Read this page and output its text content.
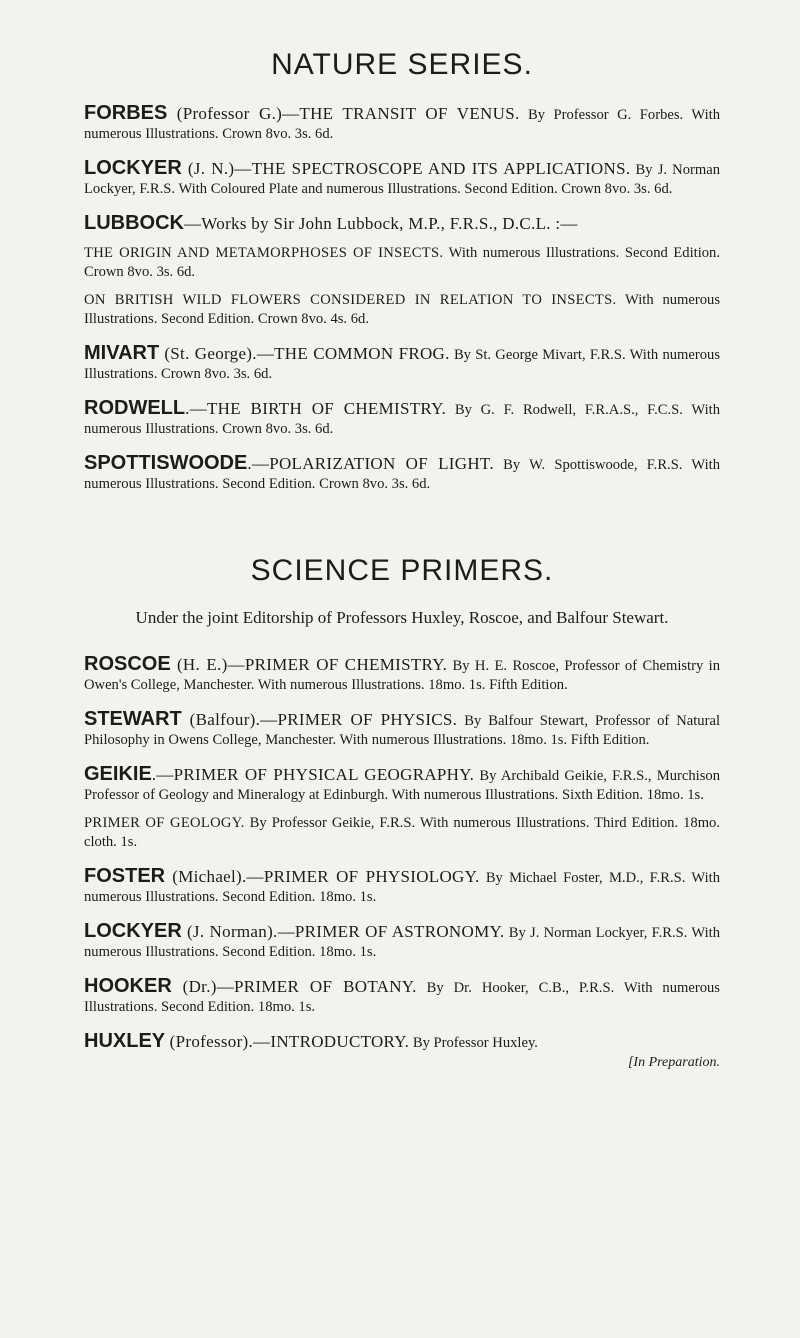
NATURE SERIES.

FORBES (Professor G.)—THE TRANSIT OF VENUS. By Professor G. Forbes. With numerous Illustrations. Crown 8vo. 3s. 6d.

LOCKYER (J. N.)—THE SPECTROSCOPE AND ITS APPLICATIONS. By J. Norman Lockyer, F.R.S. With Coloured Plate and numerous Illustrations. Second Edition. Crown 8vo. 3s. 6d.

LUBBOCK—Works by Sir John Lubbock, M.P., F.R.S., D.C.L. :—

THE ORIGIN AND METAMORPHOSES OF INSECTS. With numerous Illustrations. Second Edition. Crown 8vo. 3s. 6d.

ON BRITISH WILD FLOWERS CONSIDERED IN RELATION TO INSECTS. With numerous Illustrations. Second Edition. Crown 8vo. 4s. 6d.

MIVART (St. George).—THE COMMON FROG. By St. George Mivart, F.R.S. With numerous Illustrations. Crown 8vo. 3s. 6d.

RODWELL.—THE BIRTH OF CHEMISTRY. By G. F. Rodwell, F.R.A.S., F.C.S. With numerous Illustrations. Crown 8vo. 3s. 6d.

SPOTTISWOODE.—POLARIZATION OF LIGHT. By W. Spottiswoode, F.R.S. With numerous Illustrations. Second Edition. Crown 8vo. 3s. 6d.

SCIENCE PRIMERS.

Under the joint Editorship of Professors Huxley, Roscoe, and Balfour Stewart.

ROSCOE (H. E.)—PRIMER OF CHEMISTRY. By H. E. Roscoe, Professor of Chemistry in Owen's College, Manchester. With numerous Illustrations. 18mo. 1s. Fifth Edition.

STEWART (Balfour).—PRIMER OF PHYSICS. By Balfour Stewart, Professor of Natural Philosophy in Owens College, Manchester. With numerous Illustrations. 18mo. 1s. Fifth Edition.

GEIKIE.—PRIMER OF PHYSICAL GEOGRAPHY. By Archibald Geikie, F.R.S., Murchison Professor of Geology and Mineralogy at Edinburgh. With numerous Illustrations. Sixth Edition. 18mo. 1s.

PRIMER OF GEOLOGY. By Professor Geikie, F.R.S. With numerous Illustrations. Third Edition. 18mo. cloth. 1s.

FOSTER (Michael).—PRIMER OF PHYSIOLOGY. By Michael Foster, M.D., F.R.S. With numerous Illustrations. Second Edition. 18mo. 1s.

LOCKYER (J. Norman).—PRIMER OF ASTRONOMY. By J. Norman Lockyer, F.R.S. With numerous Illustrations. Second Edition. 18mo. 1s.

HOOKER (Dr.)—PRIMER OF BOTANY. By Dr. Hooker, C.B., P.R.S. With numerous Illustrations. Second Edition. 18mo. 1s.

HUXLEY (Professor).—INTRODUCTORY. By Professor Huxley.
[In Preparation.
